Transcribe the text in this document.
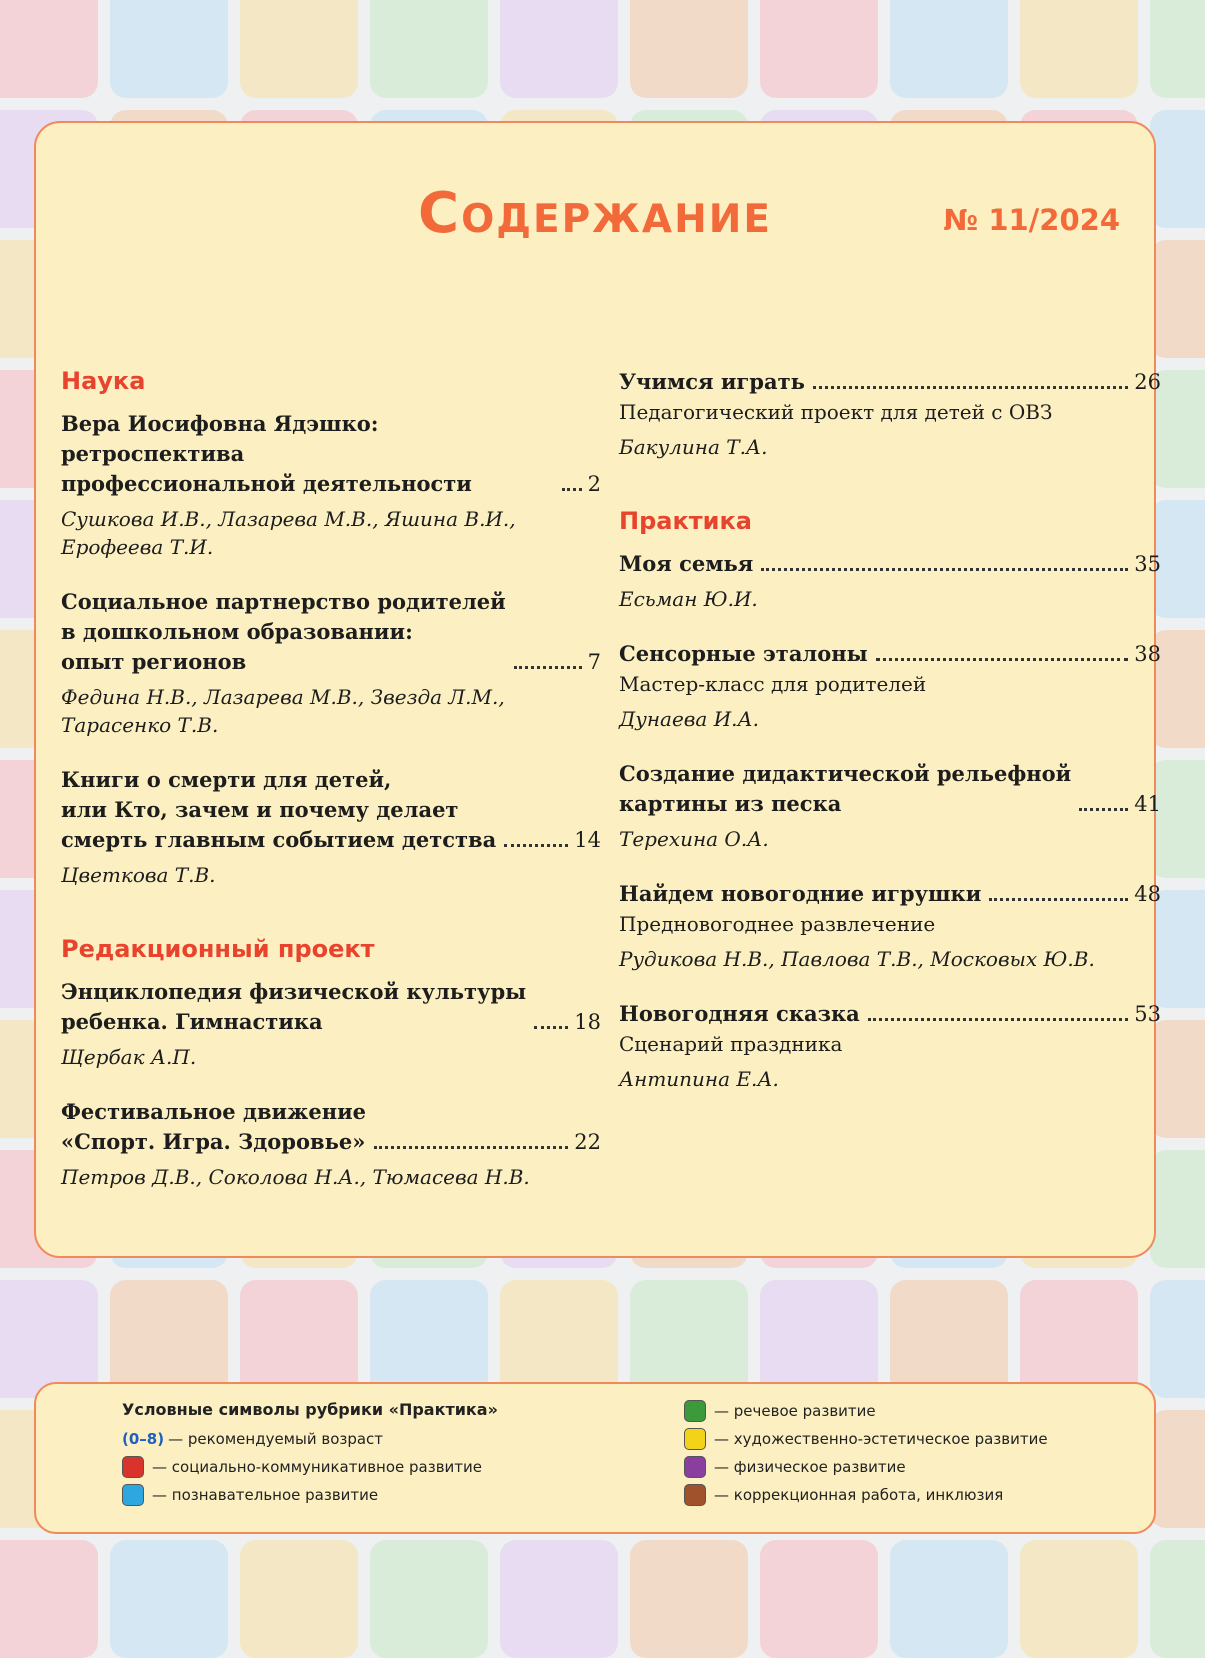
Содержание	№ 11/2024
Наука
Вера Иосифовна Ядэшко: ретроспектива
профессиональной деятельности	2
Сушкова И.В., Лазарева М.В., Яшина В.И.,
Ерофеева Т.И.
Социальное партнерство родителей
в дошкольном образовании:
опыт регионов	7
Федина Н.В., Лазарева М.В., Звезда Л.М.,
Тарасенко Т.В.
Книги о смерти для детей,
или Кто, зачем и почему делает
смерть главным событием детства	14
Цветкова Т.В.
Редакционный проект
Энциклопедия физической культуры
ребенка. Гимнастика	18
Щербак А.П.
Фестивальное движение
«Спорт. Игра. Здоровье»	22
Петров Д.В., Соколова Н.А., Тюмасева Н.В.
Учимся играть	26
Педагогический проект для детей с ОВЗ
Бакулина Т.А.
Практика
Моя семья	35
Есьман Ю.И.
Сенсорные эталоны	38
Мастер-класс для родителей
Дунаева И.А.
Создание дидактической рельефной
картины из песка	41
Терехина О.А.
Найдем новогодние игрушки	48
Предновогоднее развлечение
Рудикова Н.В., Павлова Т.В., Московых Ю.В.
Новогодняя сказка	53
Сценарий праздника
Антипина Е.А.
Условные символы рубрики «Практика»
(0–8) — рекомендуемый возраст
— социально-коммуникативное развитие
— познавательное развитие
— речевое развитие
— художественно-эстетическое развитие
— физическое развитие
— коррекционная работа, инклюзия
